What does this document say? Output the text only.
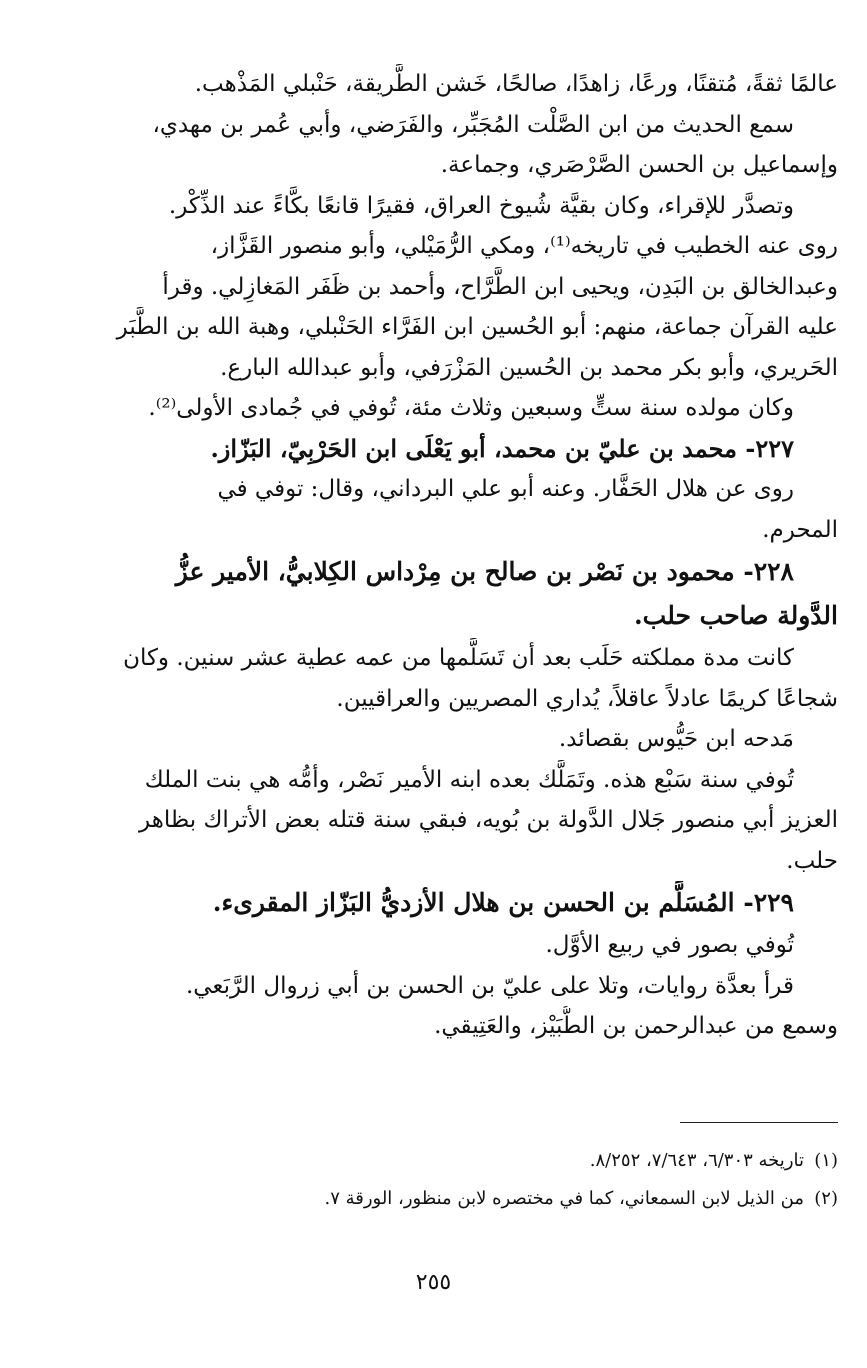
عالمًا ثقةً، مُتقنًا، ورعًا، زاهدًا، صالحًا، خَشن الطَّريقة، حَنْبلي المَذْهب.
سمع الحديث من ابن الصَّلْت المُجَبِّر، والفَرَضي، وأبي عُمر بن مهدي،
وإسماعيل بن الحسن الصَّرْصَري، وجماعة.
وتصدَّر للإقراء، وكان بقيَّة شُيوخ العراق، فقيرًا قانعًا بكَّاءً عند الذِّكْر.
روى عنه الخطيب في تاريخه⁽¹⁾، ومكي الرُّمَيْلي، وأبو منصور القَزَّاز،
وعبدالخالق بن البَدِن، ويحيى ابن الطَّرَّاح، وأحمد بن ظَفَر المَغازِلي. وقرأ
عليه القرآن جماعة، منهم: أبو الحُسين ابن الفَرَّاء الحَنْبلي، وهبة الله بن الطَّبَر
الحَريري، وأبو بكر محمد بن الحُسين المَزْرَفي، وأبو عبدالله البارع.
وكان مولده سنة ستٍّ وسبعين وثلاث مئة، تُوفي في جُمادى الأولى⁽²⁾.
٢٢٧- محمد بن عليّ بن محمد، أبو يَعْلَى ابن الحَرْبِيّ، البَزّاز.
روى عن هلال الحَفَّار. وعنه أبو علي البرداني، وقال: توفي في
المحرم.
٢٢٨- محمود بن نَصْر بن صالح بن مِرْداس الكِلابيُّ، الأمير عزُّ
الدَّولة صاحب حلب.
كانت مدة مملكته حَلَب بعد أن تَسَلَّمها من عمه عطية عشر سنين. وكان
شجاعًا كريمًا عادلاً عاقلاً، يُداري المصريين والعراقيين.
مَدحه ابن حَيُّوس بقصائد.
تُوفي سنة سَبْع هذه. وتَمَلَّك بعده ابنه الأمير نَصْر، وأمُّه هي بنت الملك
العزيز أبي منصور جَلال الدَّولة بن بُويه، فبقي سنة قتله بعض الأتراك بظاهر
حلب.
٢٢٩- المُسَلَّم بن الحسن بن هلال الأزديُّ البَزّاز المقرىء.
تُوفي بصور في ربيع الأوَّل.
قرأ بعدَّة روايات، وتلا على عليّ بن الحسن بن أبي زروال الرَّبَعي.
وسمع من عبدالرحمن بن الطُّبَيْز، والعَتِيقي.
(١)تاريخه ٦/٣٠٣، ٧/٦٤٣، ٨/٢٥٢.
(٢)من الذيل لابن السمعاني، كما في مختصره لابن منظور، الورقة ٧.
٢٥٥
